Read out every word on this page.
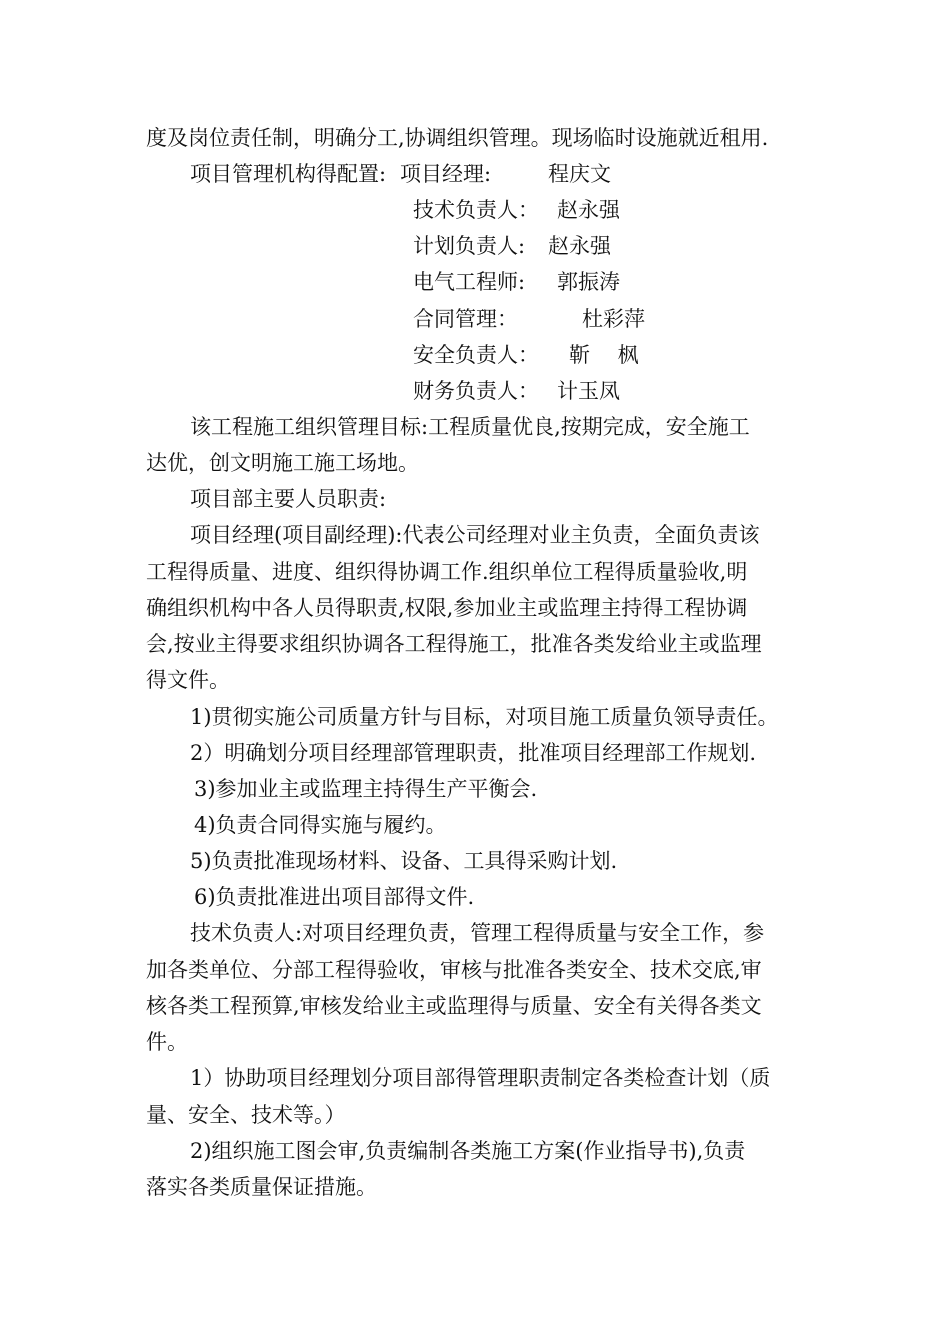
度及岗位责任制，明确分工,协调组织管理。现场临时设施就近租用.
项目管理机构得配置: 项目经理:	程庆文
技术负责人： 赵永强
计划负责人: 赵永强
电气工程师: 郭振涛
合同管理：	杜彩萍
安全负责人： 靳　 枫
财务负责人： 计玉凤
该工程施工组织管理目标:工程质量优良,按期完成，安全施工
达优，创文明施工施工场地。
项目部主要人员职责:
项目经理(项目副经理):代表公司经理对业主负责，全面负责该
工程得质量、进度、组织得协调工作.组织单位工程得质量验收,明
确组织机构中各人员得职责,权限,参加业主或监理主持得工程协调
会,按业主得要求组织协调各工程得施工，批准各类发给业主或监理
得文件。
1)贯彻实施公司质量方针与目标，对项目施工质量负领导责任。
2）明确划分项目经理部管理职责，批准项目经理部工作规划.
3)参加业主或监理主持得生产平衡会.
4)负责合同得实施与履约。
5)负责批准现场材料、设备、工具得采购计划.
6)负责批准进出项目部得文件.
技术负责人:对项目经理负责，管理工程得质量与安全工作，参
加各类单位、分部工程得验收，审核与批准各类安全、技术交底,审
核各类工程预算,审核发给业主或监理得与质量、安全有关得各类文
件。
1）协助项目经理划分项目部得管理职责制定各类检查计划（质
量、安全、技术等。）
2)组织施工图会审,负责编制各类施工方案(作业指导书),负责
落实各类质量保证措施。
